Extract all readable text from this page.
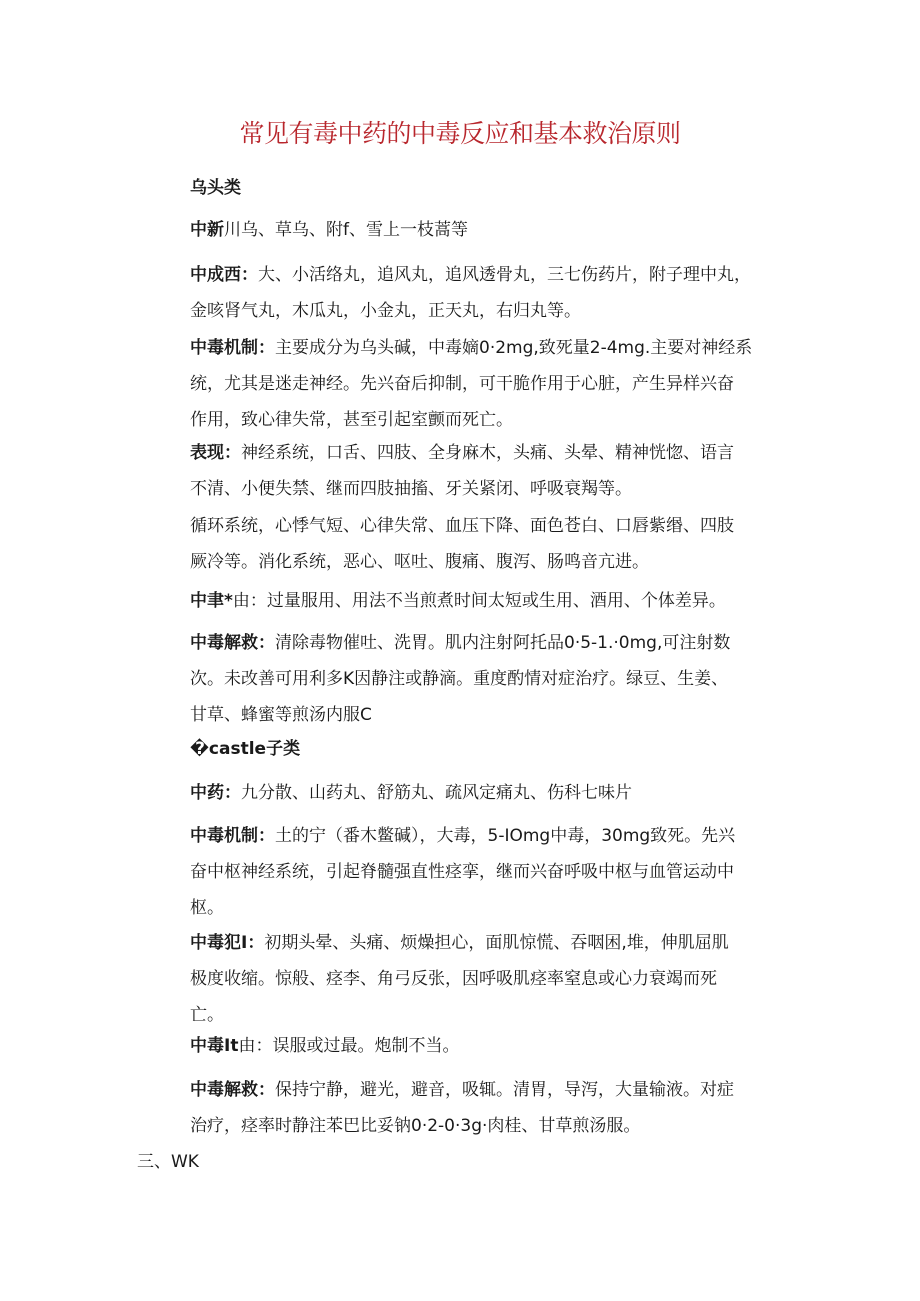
常见有毒中药的中毒反应和基本救治原则
乌头类
中新川乌、草乌、附f、雪上一枝蒿等
中成西：大、小活络丸，追风丸，追风透骨丸，三七伤药片，附子理中丸，
金咳肾气丸，木瓜丸，小金丸，正天丸，右归丸等。
中毒机制：主要成分为乌头碱，中毒嫡0·2mg,致死量2-4mg.主要对神经系
统，尤其是迷走神经。先兴奋后抑制，可干脆作用于心脏，产生异样兴奋
作用，致心律失常，甚至引起室颤而死亡。
表现：神经系统，口舌、四肢、全身麻木，头痛、头晕、精神恍惚、语言
不清、小便失禁、继而四肢抽搐、牙关紧闭、呼吸衰羯等。
循环系统，心悸气短、心律失常、血压下降、面色苍白、口唇紫缗、四肢
厥冷等。消化系统，恶心、呕吐、腹痛、腹泻、肠鸣音亢进。
中聿*由：过量服用、用法不当煎煮时间太短或生用、酒用、个体差异。
中毒解救：清除毒物催吐、洗胃。肌内注射阿托品0·5-1.·0mg,可注射数
次。未改善可用利多K因静注或静滴。重度酌情对症治疗。绿豆、生姜、
甘草、蜂蜜等煎汤内服C
�castle子类
中药：九分散、山药丸、舒筋丸、疏风定痛丸、伤科七味片
中毒机制：土的宁（番木鳖碱），大毒，5-IOmg中毒，30mg致死。先兴
奋中枢神经系统，引起脊髓强直性痉挛，继而兴奋呼吸中枢与血管运动中
枢。
中毒犯I：初期头晕、头痛、烦燥担心，面肌惊慌、吞咽困,堆，伸肌屈肌
极度收缩。惊般、痉李、角弓反张，因呼吸肌痉率窒息或心力衰竭而死
亡。
中毒It由：误服或过最。炮制不当。
中毒解救：保持宁静，避光，避音，吸辄。清胃，导泻，大量输液。对症
治疗，痉率时静注苯巴比妥钠0·2-0·3g·肉桂、甘草煎汤服。
三、WK
